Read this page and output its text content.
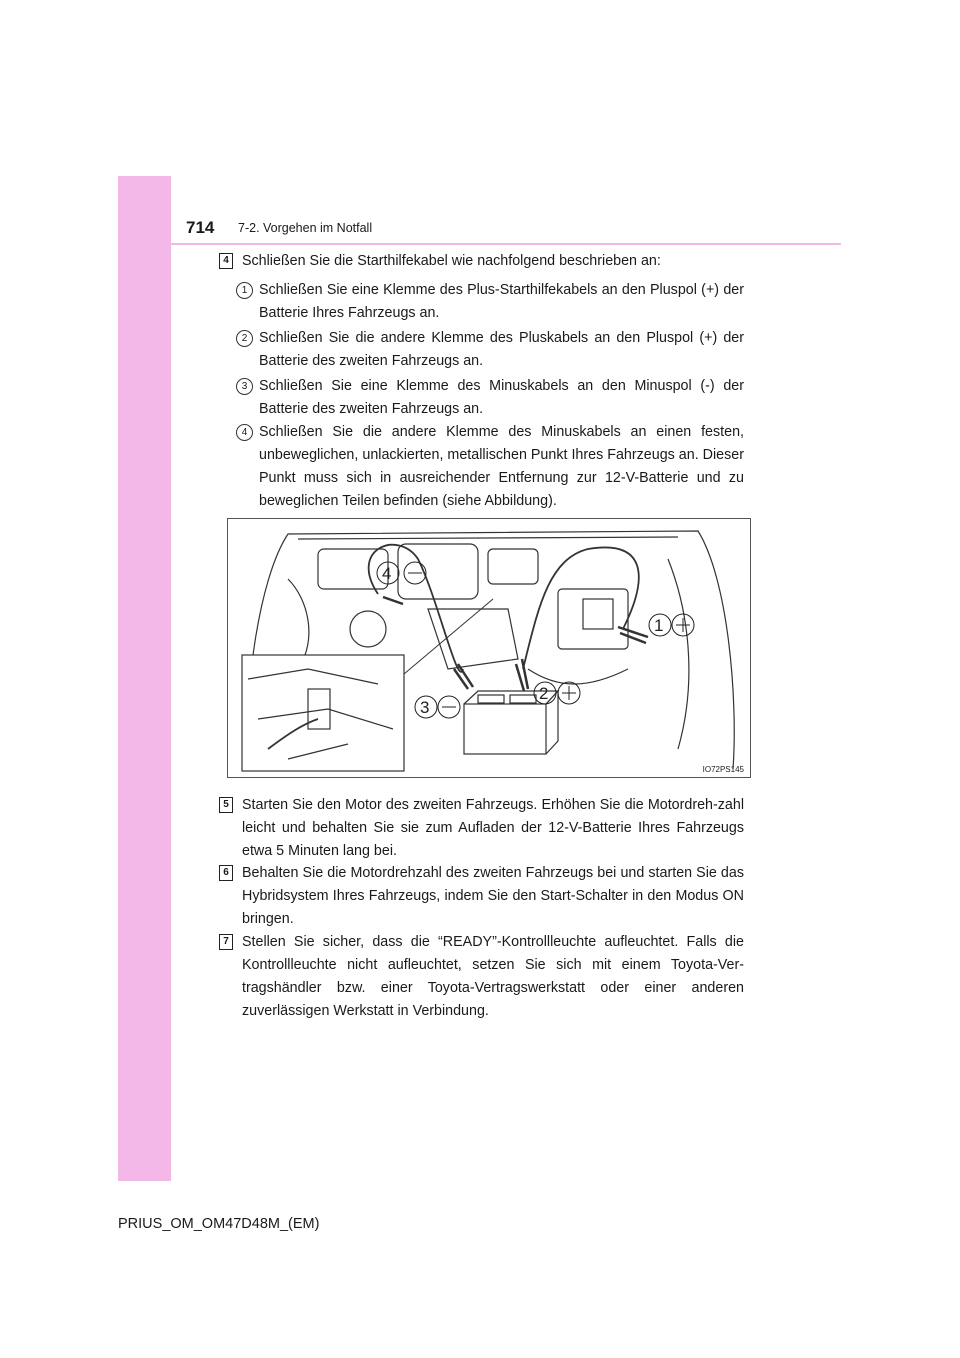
714 7-2. Vorgehen im Notfall
4 Schließen Sie die Starthilfekabel wie nachfolgend beschrieben an:
1 Schließen Sie eine Klemme des Plus-Starthilfekabels an den Pluspol (+) der Batterie Ihres Fahrzeugs an.
2 Schließen Sie die andere Klemme des Pluskabels an den Pluspol (+) der Batterie des zweiten Fahrzeugs an.
3 Schließen Sie eine Klemme des Minuskabels an den Minuspol (-) der Batterie des zweiten Fahrzeugs an.
4 Schließen Sie die andere Klemme des Minuskabels an einen festen, unbeweglichen, unlackierten, metallischen Punkt Ihres Fahrzeugs an. Dieser Punkt muss sich in ausreichender Entfernung zur 12-V-Batterie und zu beweglichen Teilen befinden (siehe Abbildung).
4
1
2
3
IO72PS145
5 Starten Sie den Motor des zweiten Fahrzeugs. Erhöhen Sie die Motordreh-zahl leicht und behalten Sie sie zum Aufladen der 12-V-Batterie Ihres Fahrzeugs etwa 5 Minuten lang bei.
6 Behalten Sie die Motordrehzahl des zweiten Fahrzeugs bei und starten Sie das Hybridsystem Ihres Fahrzeugs, indem Sie den Start-Schalter in den Modus ON bringen.
7 Stellen Sie sicher, dass die “READY”-Kontrollleuchte aufleuchtet. Falls die Kontrollleuchte nicht aufleuchtet, setzen Sie sich mit einem Toyota-Ver-tragshändler bzw. einer Toyota-Vertragswerkstatt oder einer anderen zuverlässigen Werkstatt in Verbindung.
PRIUS_OM_OM47D48M_(EM)
